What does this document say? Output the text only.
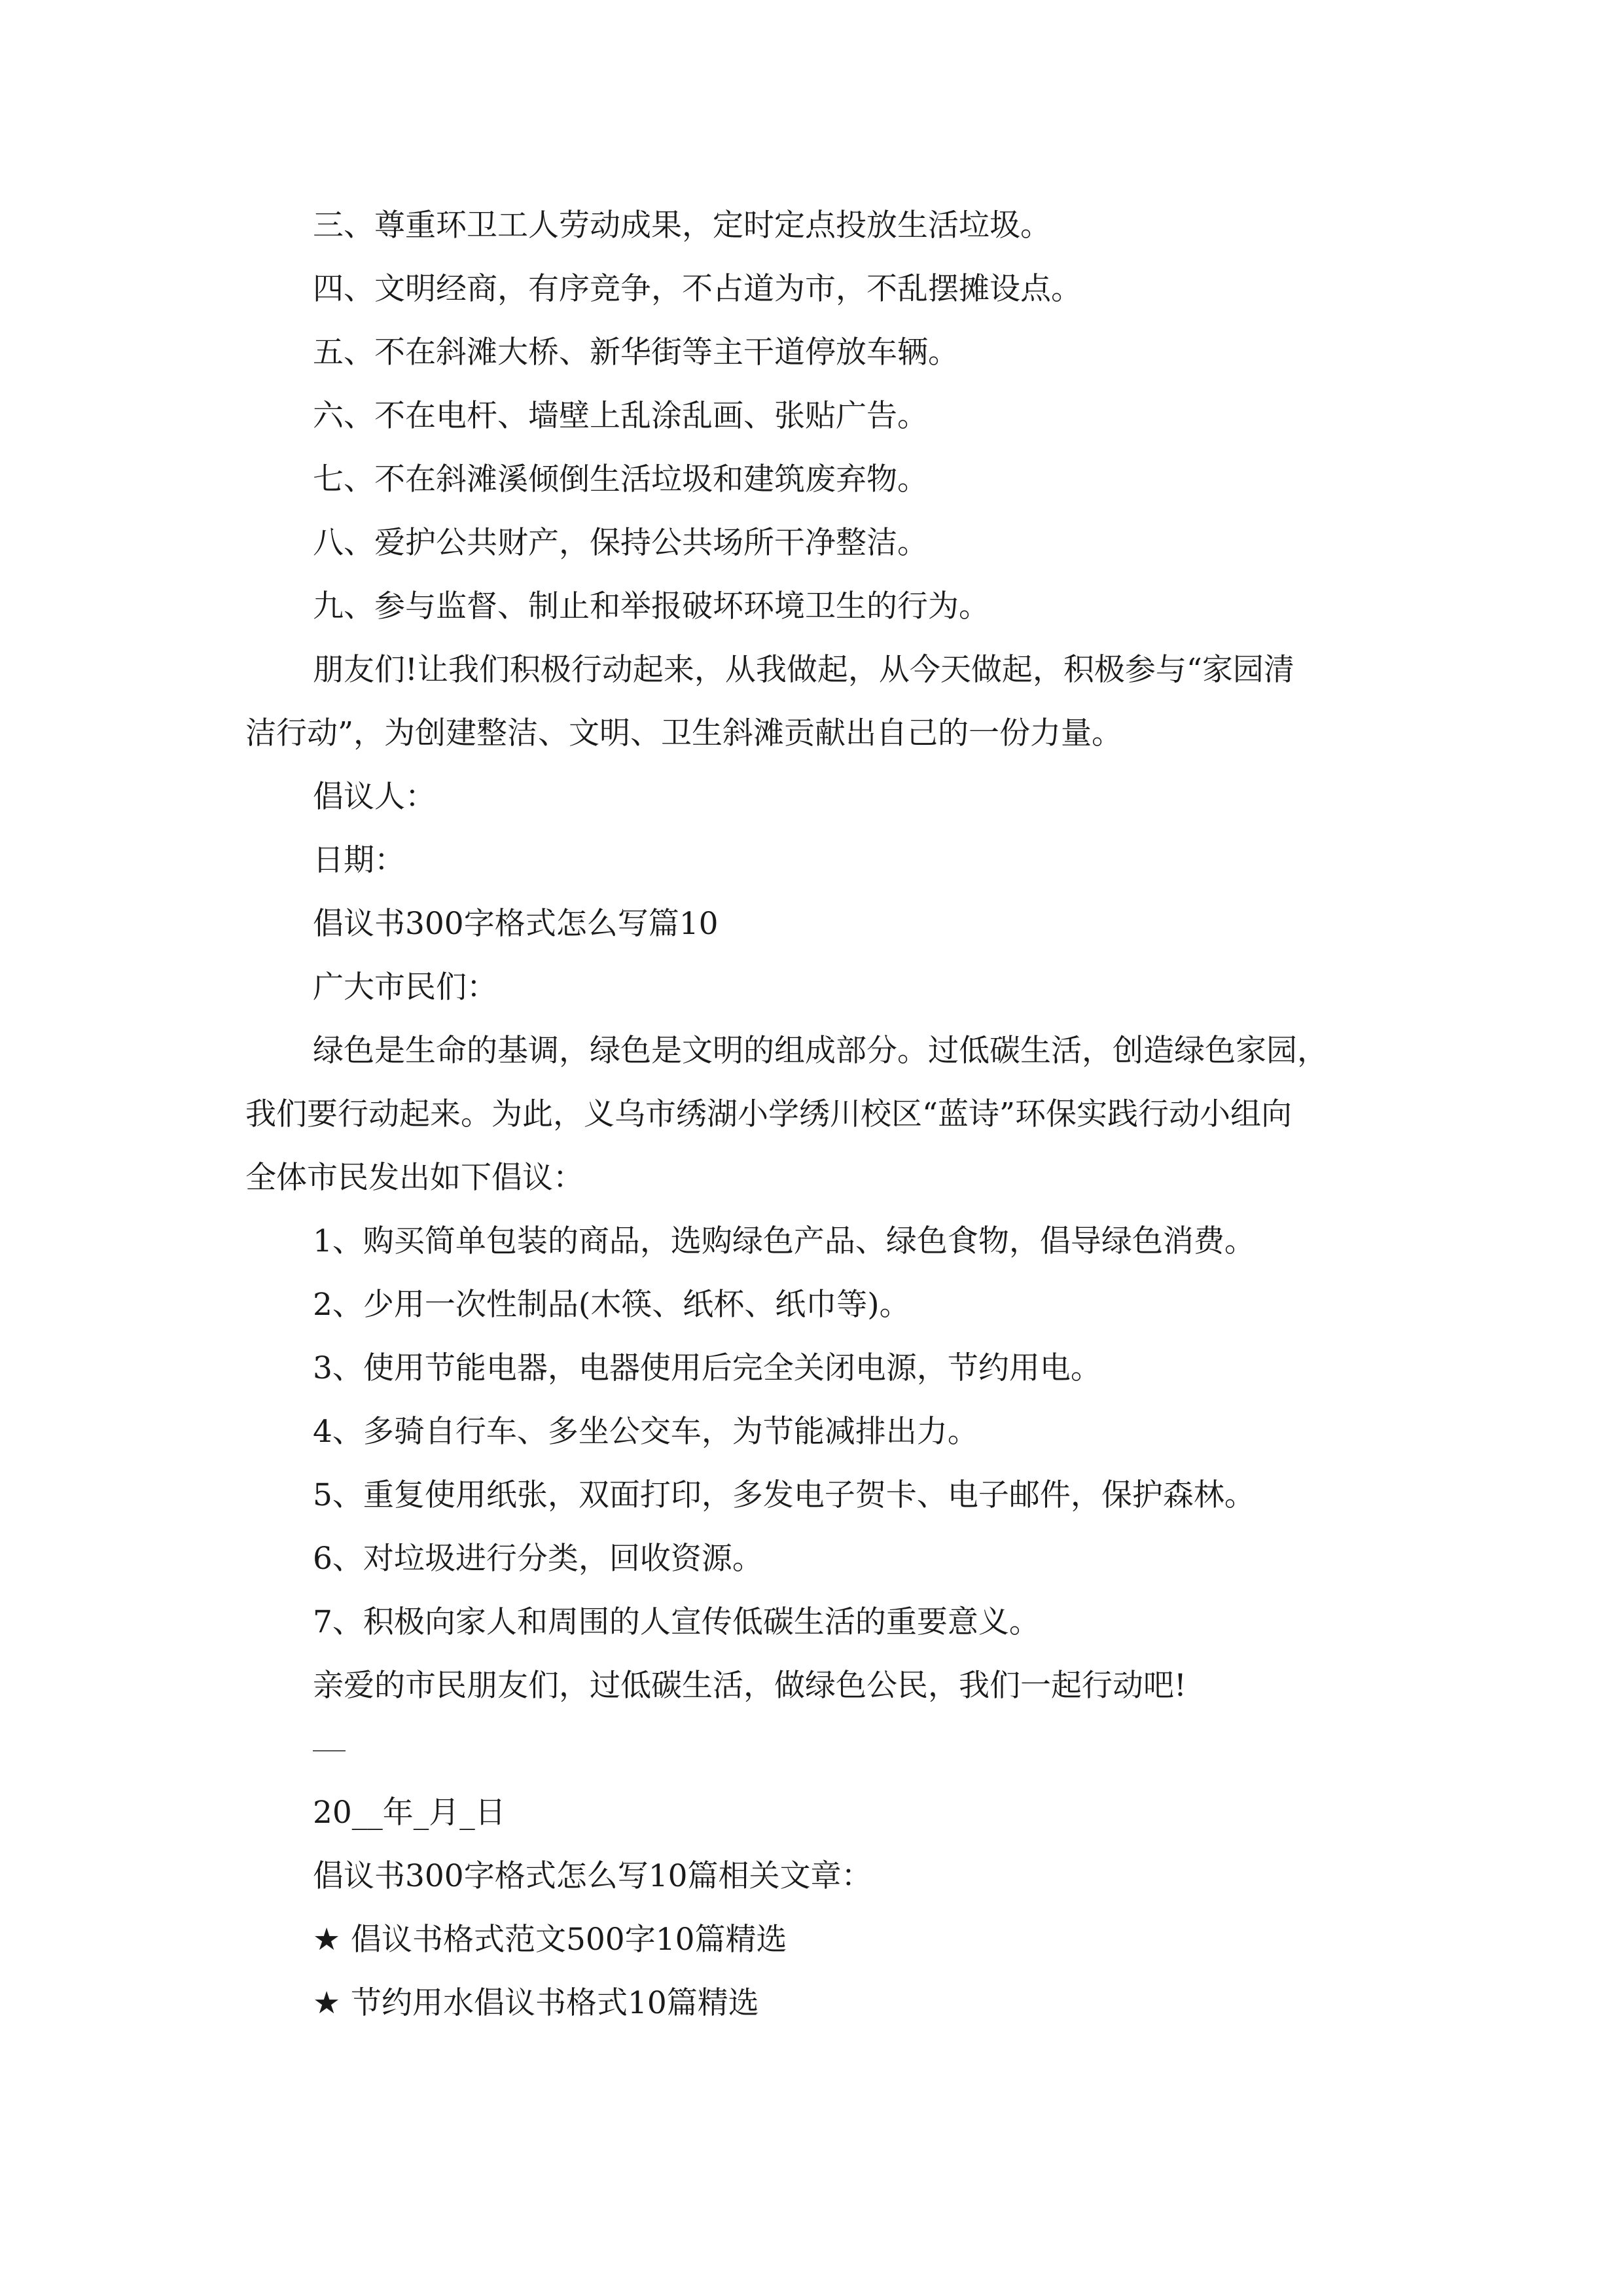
三、尊重环卫工人劳动成果，定时定点投放生活垃圾。
四、文明经商，有序竞争，不占道为市，不乱摆摊设点。
五、不在斜滩大桥、新华街等主干道停放车辆。
六、不在电杆、墙壁上乱涂乱画、张贴广告。
七、不在斜滩溪倾倒生活垃圾和建筑废弃物。
八、爱护公共财产，保持公共场所干净整洁。
九、参与监督、制止和举报破坏环境卫生的行为。
朋友们!让我们积极行动起来，从我做起，从今天做起，积极参与“家园清
洁行动”，为创建整洁、文明、卫生斜滩贡献出自己的一份力量。
倡议人：
日期：
倡议书300字格式怎么写篇10
广大市民们：
绿色是生命的基调，绿色是文明的组成部分。过低碳生活，创造绿色家园，
我们要行动起来。为此，义乌市绣湖小学绣川校区“蓝诗”环保实践行动小组向
全体市民发出如下倡议：
1、购买简单包装的商品，选购绿色产品、绿色食物，倡导绿色消费。
2、少用一次性制品(木筷、纸杯、纸巾等)。
3、使用节能电器，电器使用后完全关闭电源，节约用电。
4、多骑自行车、多坐公交车，为节能减排出力。
5、重复使用纸张，双面打印，多发电子贺卡、电子邮件，保护森林。
6、对垃圾进行分类，回收资源。
7、积极向家人和周围的人宣传低碳生活的重要意义。
亲爱的市民朋友们，过低碳生活，做绿色公民，我们一起行动吧!
20__年_月_日
倡议书300字格式怎么写10篇相关文章：
★ 倡议书格式范文500字10篇精选
★ 节约用水倡议书格式10篇精选
